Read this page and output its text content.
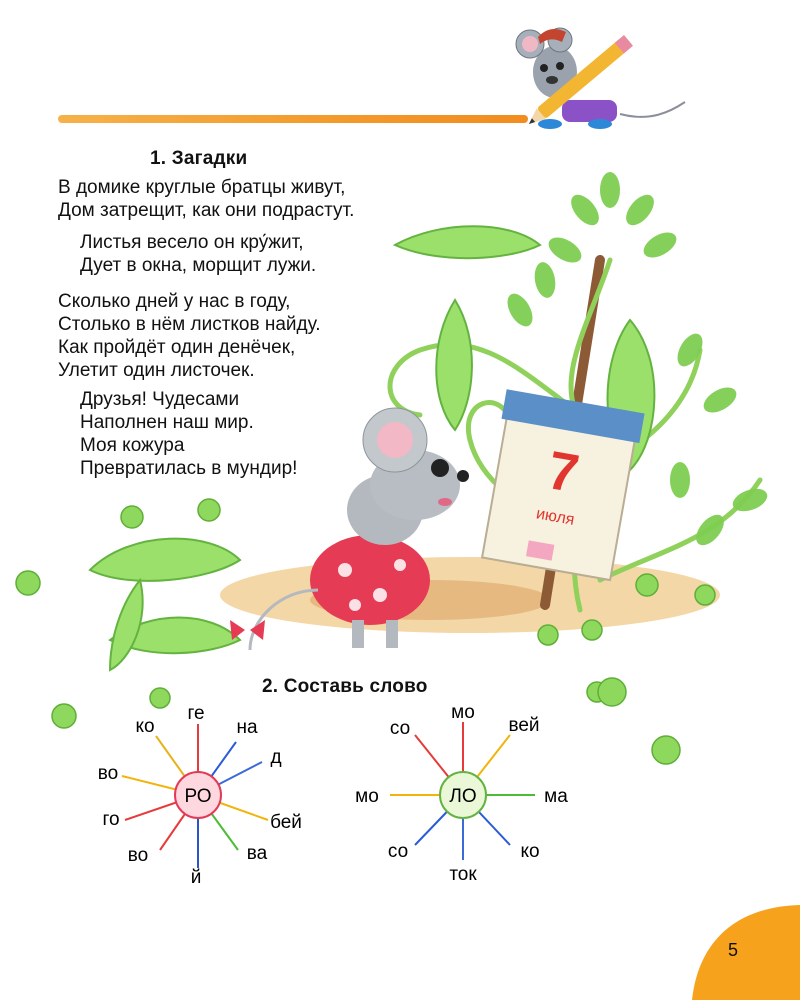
1. Загадки
В домике круглые братцы живут,
Дом затрещит, как они подрастут.
Листья весело он кру́жит,
Дует в окна, морщит лужи.
Сколько дней у нас в году,
Столько в нём листков найду.
Как пройдёт один денёчек,
Улетит один листочек.
Друзья! Чудесами
Наполнен наш мир.
Моя кожура
Превратилась в мундир!	7
июля
2. Составь слово
РО
ге
на
д
бей
ва
й
во
го
во
ко
ЛО
мо
вей
ма
ко
ток
со
мо
со
5
